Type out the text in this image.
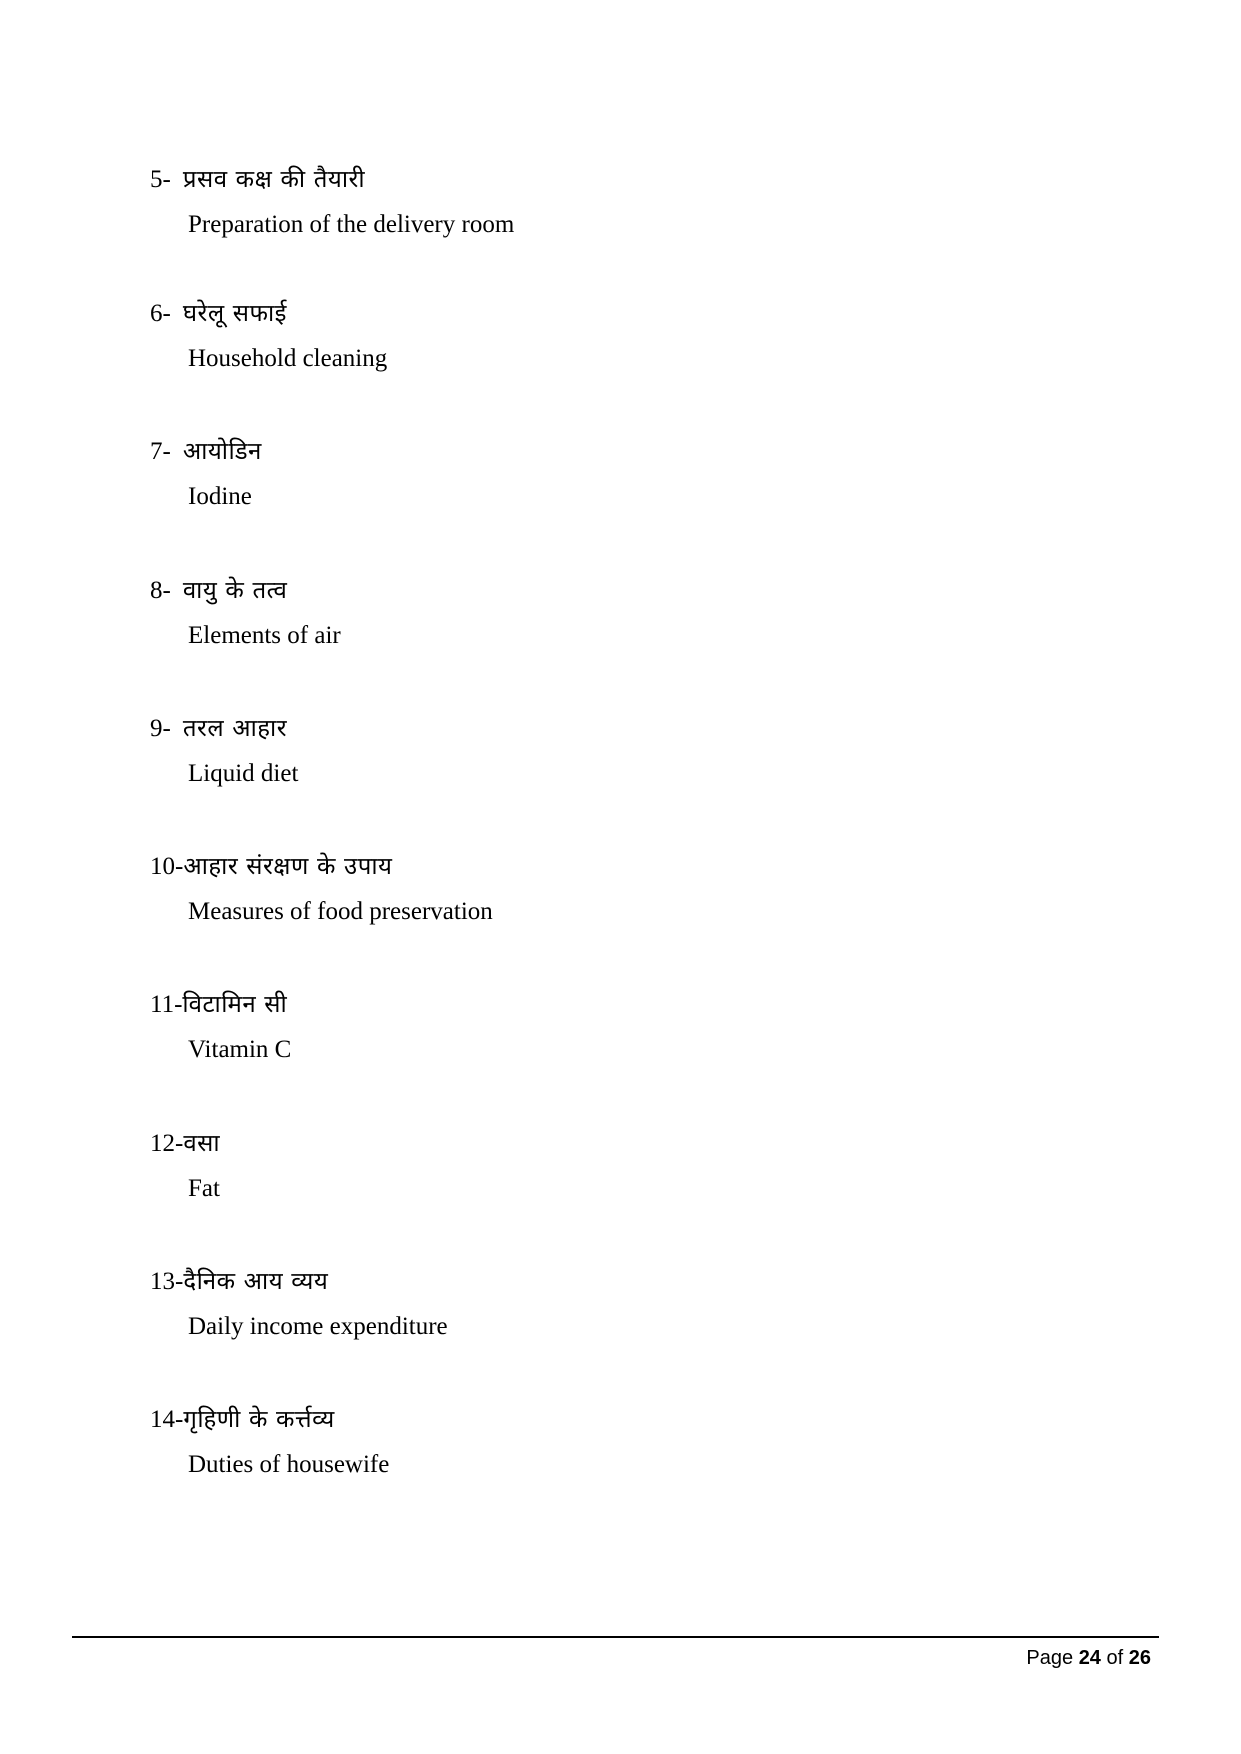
5- प्रसव कक्ष की तैयारी
Preparation of the delivery room
6- घरेलू सफाई
Household cleaning
7- आयोडिन
Iodine
8- वायु के तत्व
Elements of air
9- तरल आहार
Liquid diet
10- आहार संरक्षण के उपाय
Measures of food preservation
11- विटामिन सी
Vitamin C
12- वसा
Fat
13- दैनिक आय व्यय
Daily income expenditure
14- गृहिणी के कर्त्तव्य
Duties of housewife
Page 24 of 26
